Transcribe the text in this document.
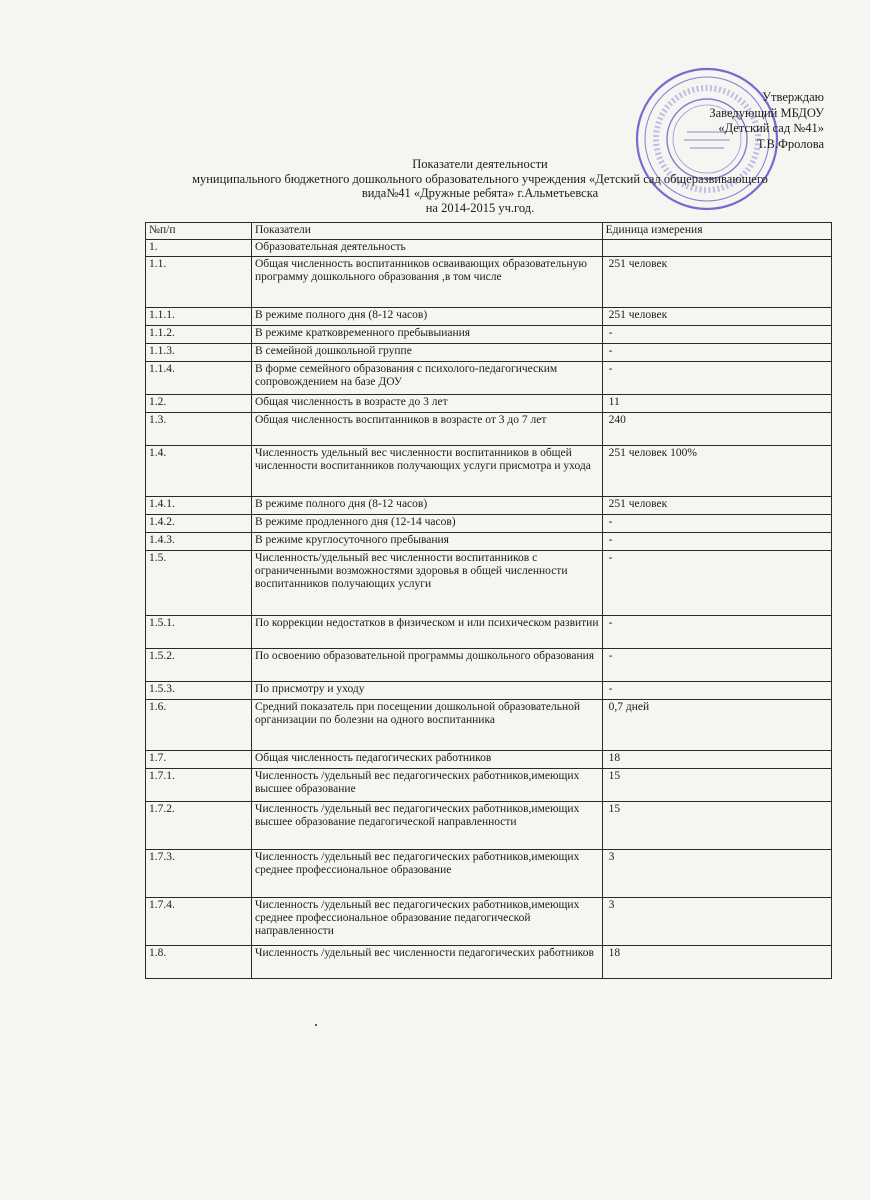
Утверждаю
Заведующий МБДОУ
«Детский сад №41»
Т.В.Фролова
Показатели деятельности
муниципального бюджетного дошкольного образовательного учреждения «Детский сад общеразвивающего
вида№41 «Дружные ребята» г.Альметьевска
на 2014-2015 уч.год.
№п/п	Показатели	Единица измерения
1.	Образовательная деятельность	
1.1.	Общая численность воспитанников осваивающих образовательную программу дошкольного образования ,в том числе	251 человек
1.1.1.	В режиме полного дня (8-12 часов)	251 человек
1.1.2.	В режиме кратковременного пребывыиания	-
1.1.3.	В семейной дошкольной группе	-
1.1.4.	В форме семейного образования с психолого-педагогическим сопровождением на базе ДОУ	-
1.2.	Общая численность в возрасте до 3 лет	11
1.3.	Общая численность воспитанников в возрасте от 3 до 7 лет	240
1.4.	Численность удельный вес численности воспитанников в общей численности воспитанников получающих услуги присмотра и ухода	251 человек 100%
1.4.1.	В режиме полного дня (8-12 часов)	251 человек
1.4.2.	В режиме продленного дня (12-14 часов)	-
1.4.3.	В режиме круглосуточного пребывания	-
1.5.	Численность/удельный вес численности воспитанников с ограниченными возможностями здоровья в общей численности воспитанников получающих услуги	-
1.5.1.	По коррекции недостатков в физическом и или психическом развитии	-
1.5.2.	По освоению образовательной программы дошкольного образования	-
1.5.3.	По присмотру и уходу	-
1.6.	Средний показатель при посещении дошкольной образовательной организации по болезни на одного воспитанника	0,7 дней
1.7.	Общая численность педагогических работников	18
1.7.1.	Численность /удельный вес педагогических работников,имеющих высшее образование	15
1.7.2.	Численность /удельный вес педагогических работников,имеющих высшее образование педагогической направленности	15
1.7.3.	Численность /удельный вес педагогических работников,имеющих среднее профессиональное образование	3
1.7.4.	Численность /удельный вес педагогических работников,имеющих среднее профессиональное образование педагогической направленности	3
1.8.	Численность /удельный вес численности педагогических работников	18
